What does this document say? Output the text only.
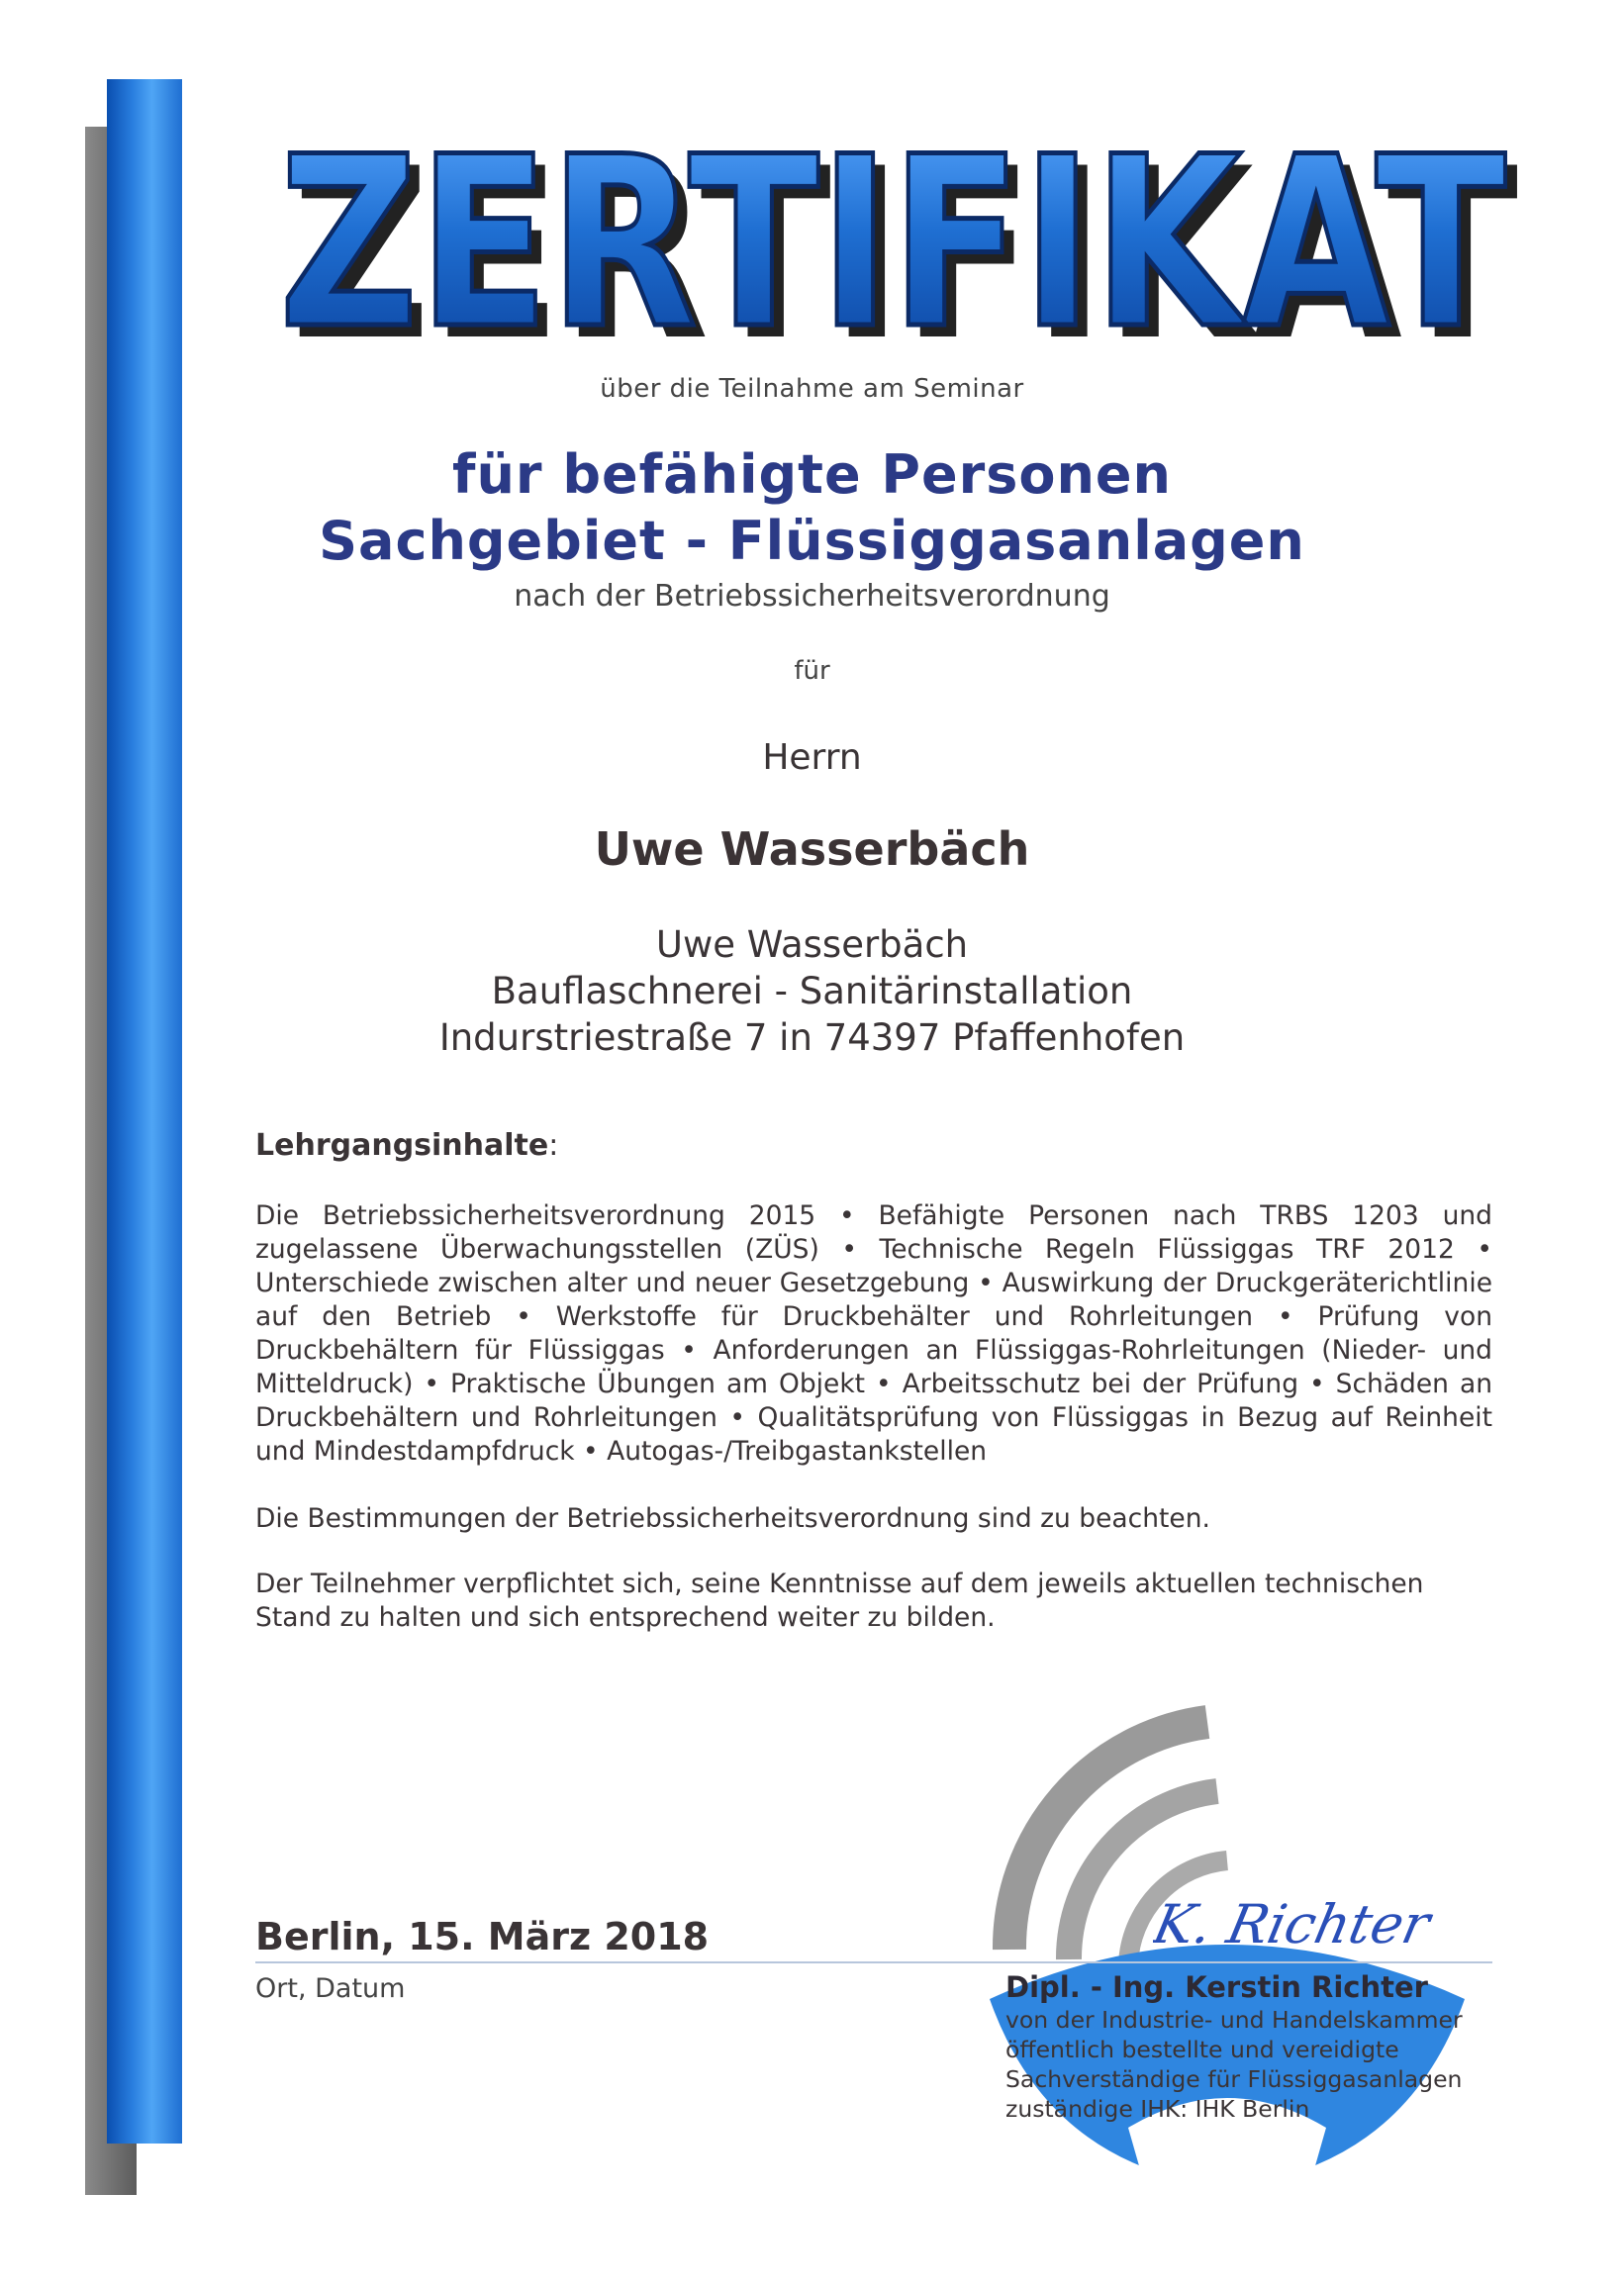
ZERTIFIKAT
ZERTIFIKAT
über die Teilnahme am Seminar
für befähigte Personen
Sachgebiet - Flüssiggasanlagen
nach der Betriebssicherheitsverordnung
für
Herrn
Uwe Wasserbäch
Uwe Wasserbäch
Bauflaschnerei - Sanitärinstallation
Indurstriestraße 7 in 74397 Pfaffenhofen
Lehrgangsinhalte:
Die Betriebssicherheitsverordnung 2015 • Befähigte Personen nach TRBS 1203 und zugelassene Überwachungsstellen (ZÜS) • Technische Regeln Flüssiggas TRF 2012 • Unterschiede zwischen alter und neuer Gesetzgebung • Auswirkung der Druckgeräterichtlinie auf den Betrieb • Werkstoffe für Druckbehälter und Rohrleitungen • Prüfung von Druckbehältern für Flüssiggas • Anforderungen an Flüssiggas-Rohrleitungen (Nieder- und Mitteldruck) • Praktische Übungen am Objekt • Arbeitsschutz bei der Prüfung • Schäden an Druckbehältern und Rohrleitungen • Qualitätsprüfung von Flüssiggas in Bezug auf Reinheit und Mindestdampfdruck • Autogas-/Treibgastankstellen
Die Bestimmungen der Betriebssicherheitsverordnung sind zu beachten.
Der Teilnehmer verpflichtet sich, seine Kenntnisse auf dem jeweils aktuellen technischen Stand zu halten und sich entsprechend weiter zu bilden.
K. Richter
Berlin, 15. März 2018
Ort, Datum	Dipl. - Ing. Kerstin Richter
von der Industrie- und Handelskammer
öffentlich bestellte und vereidigte
Sachverständige für Flüssiggasanlagen
zuständige IHK: IHK Berlin
